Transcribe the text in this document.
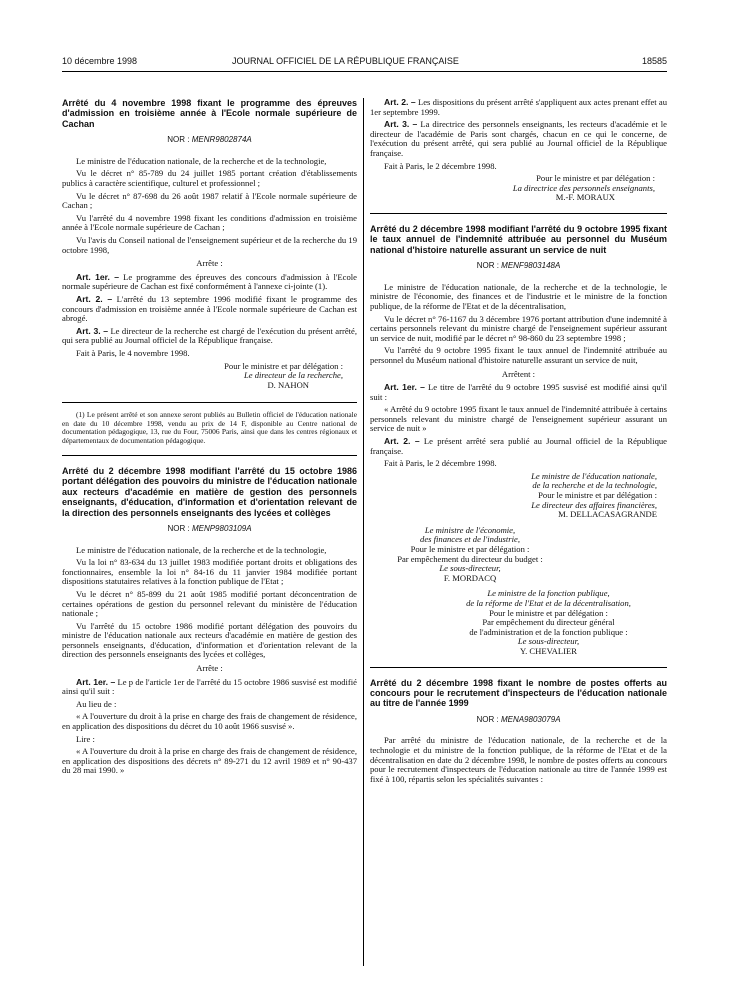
10 décembre 1998	JOURNAL OFFICIEL DE LA RÉPUBLIQUE FRANÇAISE	18585
Arrêté du 4 novembre 1998 fixant le programme des épreuves d'admission en troisième année à l'Ecole normale supérieure de Cachan
NOR : MENR9802874A

Le ministre de l'éducation nationale, de la recherche et de la technologie,

Vu le décret n° 85-789 du 24 juillet 1985 portant création d'établissements publics à caractère scientifique, culturel et professionnel ;

Vu le décret n° 87-698 du 26 août 1987 relatif à l'Ecole normale supérieure de Cachan ;

Vu l'arrêté du 4 novembre 1998 fixant les conditions d'admission en troisième année à l'Ecole normale supérieure de Cachan ;

Vu l'avis du Conseil national de l'enseignement supérieur et de la recherche du 19 octobre 1998,

Arrête :

Art. 1er. – Le programme des épreuves des concours d'admission à l'Ecole normale supérieure de Cachan est fixé conformément à l'annexe ci-jointe (1).

Art. 2. – L'arrêté du 13 septembre 1996 modifié fixant le programme des concours d'admission en troisième année à l'Ecole normale supérieure de Cachan est abrogé.

Art. 3. – Le directeur de la recherche est chargé de l'exécution du présent arrêté, qui sera publié au Journal officiel de la République française.

Fait à Paris, le 4 novembre 1998.

Pour le ministre et par délégation :
Le directeur de la recherche,
D. NAHON

(1) Le présent arrêté et son annexe seront publiés au Bulletin officiel de l'éducation nationale en date du 10 décembre 1998, vendu au prix de 14 F, disponible au Centre national de documentation pédagogique, 13, rue du Four, 75006 Paris, ainsi que dans les centres régionaux et départementaux de documentation pédagogique.

Arrêté du 2 décembre 1998 modifiant l'arrêté du 15 octobre 1986 portant délégation des pouvoirs du ministre de l'éducation nationale aux recteurs d'académie en matière de gestion des personnels enseignants, d'éducation, d'information et d'orientation relevant de la direction des personnels enseignants des lycées et collèges
NOR : MENP9803109A

Le ministre de l'éducation nationale, de la recherche et de la technologie,

Vu la loi n° 83-634 du 13 juillet 1983 modifiée portant droits et obligations des fonctionnaires, ensemble la loi n° 84-16 du 11 janvier 1984 modifiée portant dispositions statutaires relatives à la fonction publique de l'Etat ;

Vu le décret n° 85-899 du 21 août 1985 modifié portant déconcentration de certaines opérations de gestion du personnel relevant du ministère de l'éducation nationale ;

Vu l'arrêté du 15 octobre 1986 modifié portant délégation des pouvoirs du ministre de l'éducation nationale aux recteurs d'académie en matière de gestion des personnels enseignants, d'éducation, d'information et d'orientation relevant de la direction des personnels enseignants des lycées et collèges,

Arrête :

Art. 1er. – Le p de l'article 1er de l'arrêté du 15 octobre 1986 susvisé est modifié ainsi qu'il suit :

Au lieu de :

« A l'ouverture du droit à la prise en charge des frais de changement de résidence, en application des dispositions du décret du 10 août 1966 susvisé ».

Lire :

« A l'ouverture du droit à la prise en charge des frais de changement de résidence, en application des dispositions des décrets n° 89-271 du 12 avril 1989 et n° 90-437 du 28 mai 1990. »

Art. 2. – Les dispositions du présent arrêté s'appliquent aux actes prenant effet au 1er septembre 1999.

Art. 3. – La directrice des personnels enseignants, les recteurs d'académie et le directeur de l'académie de Paris sont chargés, chacun en ce qui le concerne, de l'exécution du présent arrêté, qui sera publié au Journal officiel de la République française.

Fait à Paris, le 2 décembre 1998.

Pour le ministre et par délégation :
La directrice des personnels enseignants,
M.-F. MORAUX
Arrêté du 2 décembre 1998 modifiant l'arrêté du 9 octobre 1995 fixant le taux annuel de l'indemnité attribuée au personnel du Muséum national d'histoire naturelle assurant un service de nuit
NOR : MENF9803148A

Le ministre de l'éducation nationale, de la recherche et de la technologie, le ministre de l'économie, des finances et de l'industrie et le ministre de la fonction publique, de la réforme de l'Etat et de la décentralisation,

Vu le décret n° 76-1167 du 3 décembre 1976 portant attribution d'une indemnité à certains personnels relevant du ministre chargé de l'enseignement supérieur assurant un service de nuit, modifié par le décret n° 98-860 du 23 septembre 1998 ;

Vu l'arrêté du 9 octobre 1995 fixant le taux annuel de l'indemnité attribuée au personnel du Muséum national d'histoire naturelle assurant un service de nuit,

Arrêtent :

Art. 1er. – Le titre de l'arrêté du 9 octobre 1995 susvisé est modifié ainsi qu'il suit :

« Arrêté du 9 octobre 1995 fixant le taux annuel de l'indemnité attribuée à certains personnels relevant du ministre chargé de l'enseignement supérieur assurant un service de nuit »

Art. 2. – Le présent arrêté sera publié au Journal officiel de la République française.

Fait à Paris, le 2 décembre 1998.

Le ministre de l'éducation nationale,
de la recherche et de la technologie,
Pour le ministre et par délégation :
Le directeur des affaires financières,
M. DELLACASAGRANDE
Le ministre de l'économie,
des finances et de l'industrie,
Pour le ministre et par délégation :
Par empêchement du directeur du budget :
Le sous-directeur,
F. MORDACQ
Le ministre de la fonction publique,
de la réforme de l'Etat et de la décentralisation,
Pour le ministre et par délégation :
Par empêchement du directeur général
de l'administration et de la fonction publique :
Le sous-directeur,
Y. CHEVALIER
Arrêté du 2 décembre 1998 fixant le nombre de postes offerts au concours pour le recrutement d'inspecteurs de l'éducation nationale au titre de l'année 1999
NOR : MENA9803079A

Par arrêté du ministre de l'éducation nationale, de la recherche et de la technologie et du ministre de la fonction publique, de la réforme de l'Etat et de la décentralisation en date du 2 décembre 1998, le nombre de postes offerts au concours pour le recrutement d'inspecteurs de l'éducation nationale au titre de l'année 1999 est fixé à 100, répartis selon les spécialités suivantes :
